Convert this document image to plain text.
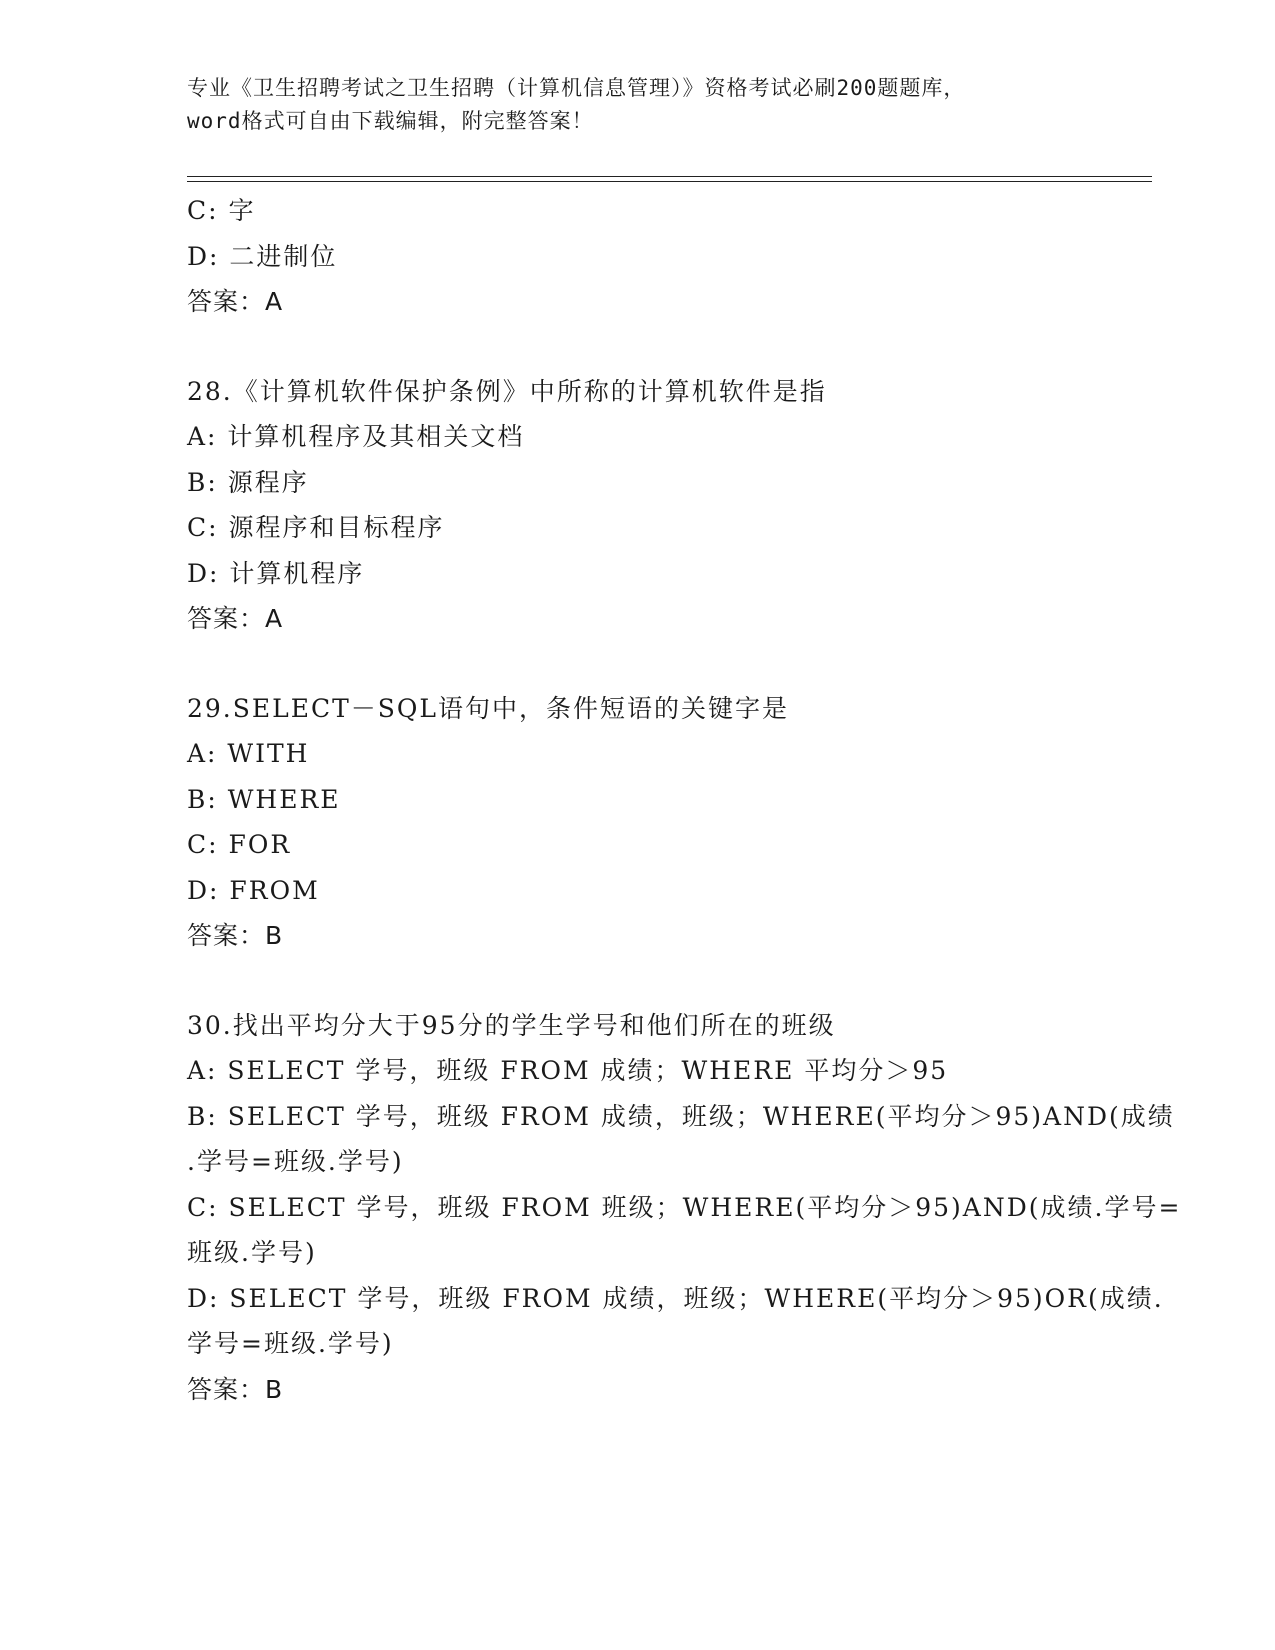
专业《卫生招聘考试之卫生招聘（计算机信息管理）》资格考试必刷200题题库，
word格式可自由下载编辑，附完整答案！
C: 字
D: 二进制位
答案：A
28.《计算机软件保护条例》中所称的计算机软件是指
A: 计算机程序及其相关文档
B: 源程序
C: 源程序和目标程序
D: 计算机程序
答案：A
29.SELECT－SQL语句中，条件短语的关键字是
A: WITH
B: WHERE
C: FOR
D: FROM
答案：B
30.找出平均分大于95分的学生学号和他们所在的班级
A: SELECT 学号，班级 FROM 成绩；WHERE 平均分＞95
B: SELECT 学号，班级 FROM 成绩，班级；WHERE(平均分＞95)AND(成绩
.学号=班级.学号)
C: SELECT 学号，班级 FROM 班级；WHERE(平均分＞95)AND(成绩.学号=
班级.学号)
D: SELECT 学号，班级 FROM 成绩，班级；WHERE(平均分＞95)OR(成绩.
学号=班级.学号)
答案：B
